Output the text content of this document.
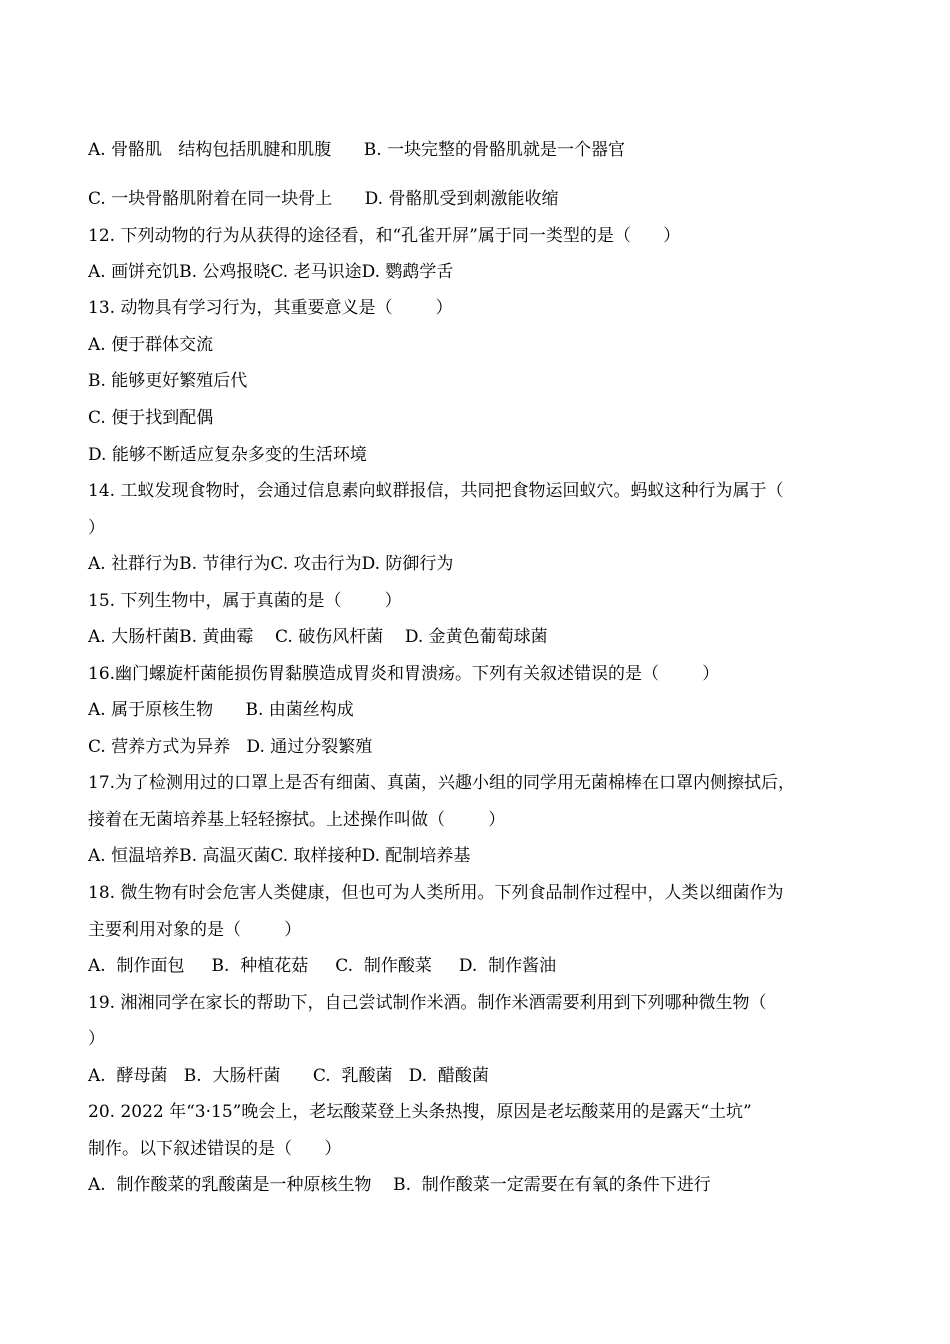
A. 骨骼肌   结构包括肌腱和肌腹      B. 一块完整的骨骼肌就是一个器官
C. 一块骨骼肌附着在同一块骨上      D. 骨骼肌受到刺激能收缩
12. 下列动物的行为从获得的途径看，和“孔雀开屏”属于同一类型的是（      ）
A. 画饼充饥B. 公鸡报晓C. 老马识途D. 鹦鹉学舌
13. 动物具有学习行为，其重要意义是（        ）
A. 便于群体交流
B. 能够更好繁殖后代
C. 便于找到配偶
D. 能够不断适应复杂多变的生活环境
14. 工蚁发现食物时，会通过信息素向蚁群报信，共同把食物运回蚁穴。蚂蚁这种行为属于（
）
A. 社群行为B. 节律行为C. 攻击行为D. 防御行为
15. 下列生物中，属于真菌的是（        ）
A. 大肠杆菌B. 黄曲霉    C. 破伤风杆菌    D. 金黄色葡萄球菌
16.幽门螺旋杆菌能损伤胃黏膜造成胃炎和胃溃疡。下列有关叙述错误的是（        ）
A. 属于原核生物      B. 由菌丝构成
C. 营养方式为异养   D. 通过分裂繁殖
17.为了检测用过的口罩上是否有细菌、真菌，兴趣小组的同学用无菌棉棒在口罩内侧擦拭后，
接着在无菌培养基上轻轻擦拭。上述操作叫做（        ）
A. 恒温培养B. 高温灭菌C. 取样接种D. 配制培养基
18. 微生物有时会危害人类健康，但也可为人类所用。下列食品制作过程中，人类以细菌作为
主要利用对象的是（        ）
A.  制作面包     B.  种植花菇     C.  制作酸菜     D.  制作酱油
19. 湘湘同学在家长的帮助下，自己尝试制作米酒。制作米酒需要利用到下列哪种微生物（
）
A.  酵母菌   B.  大肠杆菌      C.  乳酸菌   D.  醋酸菌
20. 2022 年“3·15”晚会上，老坛酸菜登上头条热搜，原因是老坛酸菜用的是露天“土坑”
制作。以下叙述错误的是（      ）
A.  制作酸菜的乳酸菌是一种原核生物    B.  制作酸菜一定需要在有氧的条件下进行
